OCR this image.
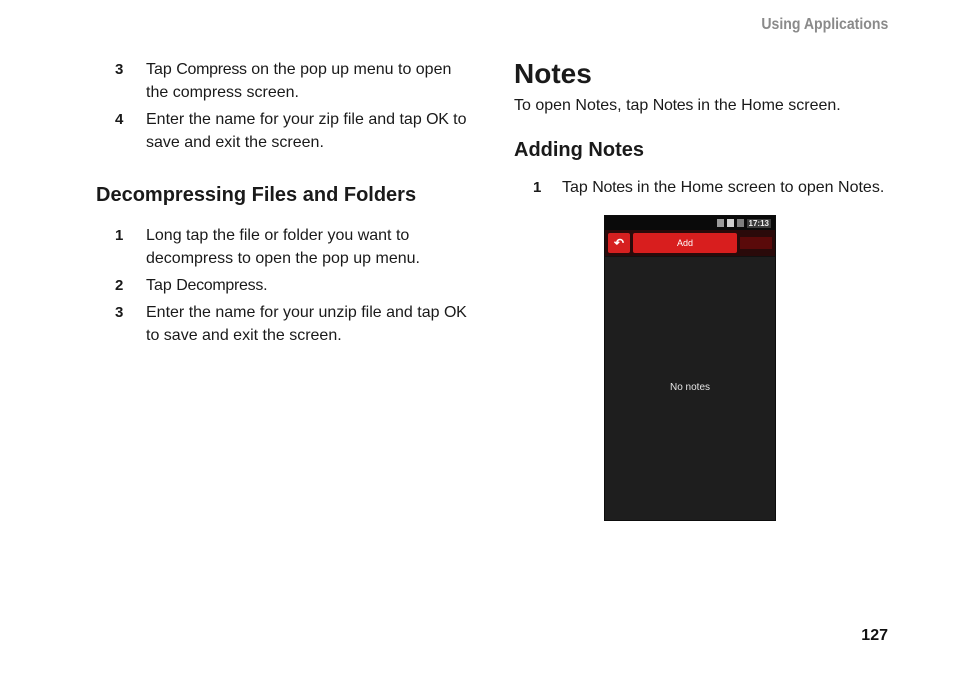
Using Applications
3 Tap Compress on the pop up menu to open the compress screen.
4 Enter the name for your zip file and tap OK to save and exit the screen.
Decompressing Files and Folders
1 Long tap the file or folder you want to decompress to open the pop up menu.
2 Tap Decompress.
3 Enter the name for your unzip file and tap OK to save and exit the screen.
Notes

To open Notes, tap Notes in the Home screen.

Adding Notes
1 Tap Notes in the Home screen to open Notes.
17:13
↶	Add
No notes
127
